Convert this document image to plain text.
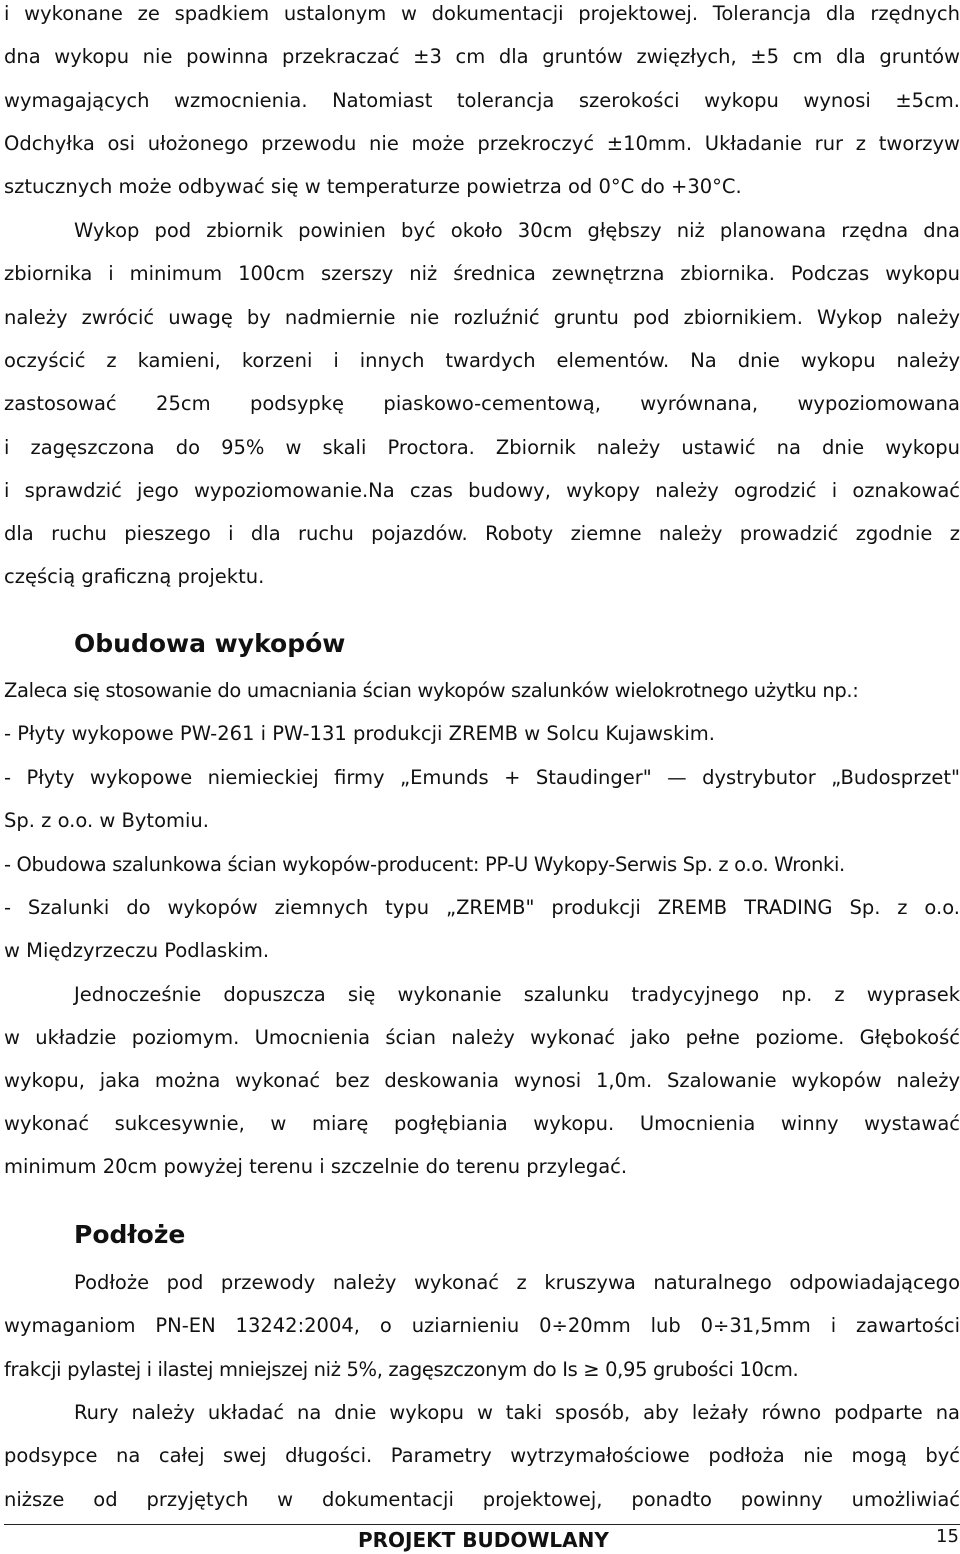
i wykonane ze spadkiem ustalonym w dokumentacji projektowej. Tolerancja dla rzędnych
dna wykopu nie powinna przekraczać ±3 cm dla gruntów zwięzłych, ±5 cm dla gruntów
wymagających wzmocnienia. Natomiast tolerancja szerokości wykopu wynosi ±5cm.
Odchyłka osi ułożonego przewodu nie może przekroczyć ±10mm. Układanie rur z tworzyw
sztucznych może odbywać się w temperaturze powietrza od 0°C do +30°C.
Wykop pod zbiornik powinien być około 30cm głębszy niż planowana rzędna dna
zbiornika i minimum 100cm szerszy niż średnica zewnętrzna zbiornika. Podczas wykopu
należy zwrócić uwagę by nadmiernie nie rozluźnić gruntu pod zbiornikiem. Wykop należy
oczyścić z kamieni, korzeni i innych twardych elementów. Na dnie wykopu należy
zastosować 25cm podsypkę piaskowo-cementową, wyrównana, wypoziomowana
i zagęszczona do 95% w skali Proctora. Zbiornik należy ustawić na dnie wykopu
i sprawdzić jego wypoziomowanie.Na czas budowy, wykopy należy ogrodzić i oznakować
dla ruchu pieszego i dla ruchu pojazdów. Roboty ziemne należy prowadzić zgodnie z
częścią graficzną projektu.
Obudowa wykopów
Zaleca się stosowanie do umacniania ścian wykopów szalunków wielokrotnego użytku np.:
- Płyty wykopowe PW-261 i PW-131 produkcji ZREMB w Solcu Kujawskim.
- Płyty wykopowe niemieckiej firmy „Emunds + Staudinger" — dystrybutor „Budosprzet"
Sp. z o.o. w Bytomiu.
- Obudowa szalunkowa ścian wykopów-producent: PP-U Wykopy-Serwis Sp. z o.o. Wronki.
- Szalunki do wykopów ziemnych typu „ZREMB" produkcji ZREMB TRADING Sp. z o.o.
w Międzyrzeczu Podlaskim.
Jednocześnie dopuszcza się wykonanie szalunku tradycyjnego np. z wyprasek
w układzie poziomym. Umocnienia ścian należy wykonać jako pełne poziome. Głębokość
wykopu, jaka można wykonać bez deskowania wynosi 1,0m. Szalowanie wykopów należy
wykonać sukcesywnie, w miarę pogłębiania wykopu. Umocnienia winny wystawać
minimum 20cm powyżej terenu i szczelnie do terenu przylegać.
Podłoże
Podłoże pod przewody należy wykonać z kruszywa naturalnego odpowiadającego
wymaganiom PN-EN 13242:2004, o uziarnieniu 0÷20mm lub 0÷31,5mm i zawartości
frakcji pylastej i ilastej mniejszej niż 5%, zagęszczonym do Is ≥ 0,95 grubości 10cm.
Rury należy układać na dnie wykopu w taki sposób, aby leżały równo podparte na
podsypce na całej swej długości. Parametry wytrzymałościowe podłoża nie mogą być
niższe od przyjętych w dokumentacji projektowej, ponadto powinny umożliwiać
PROJEKT BUDOWLANY	15
